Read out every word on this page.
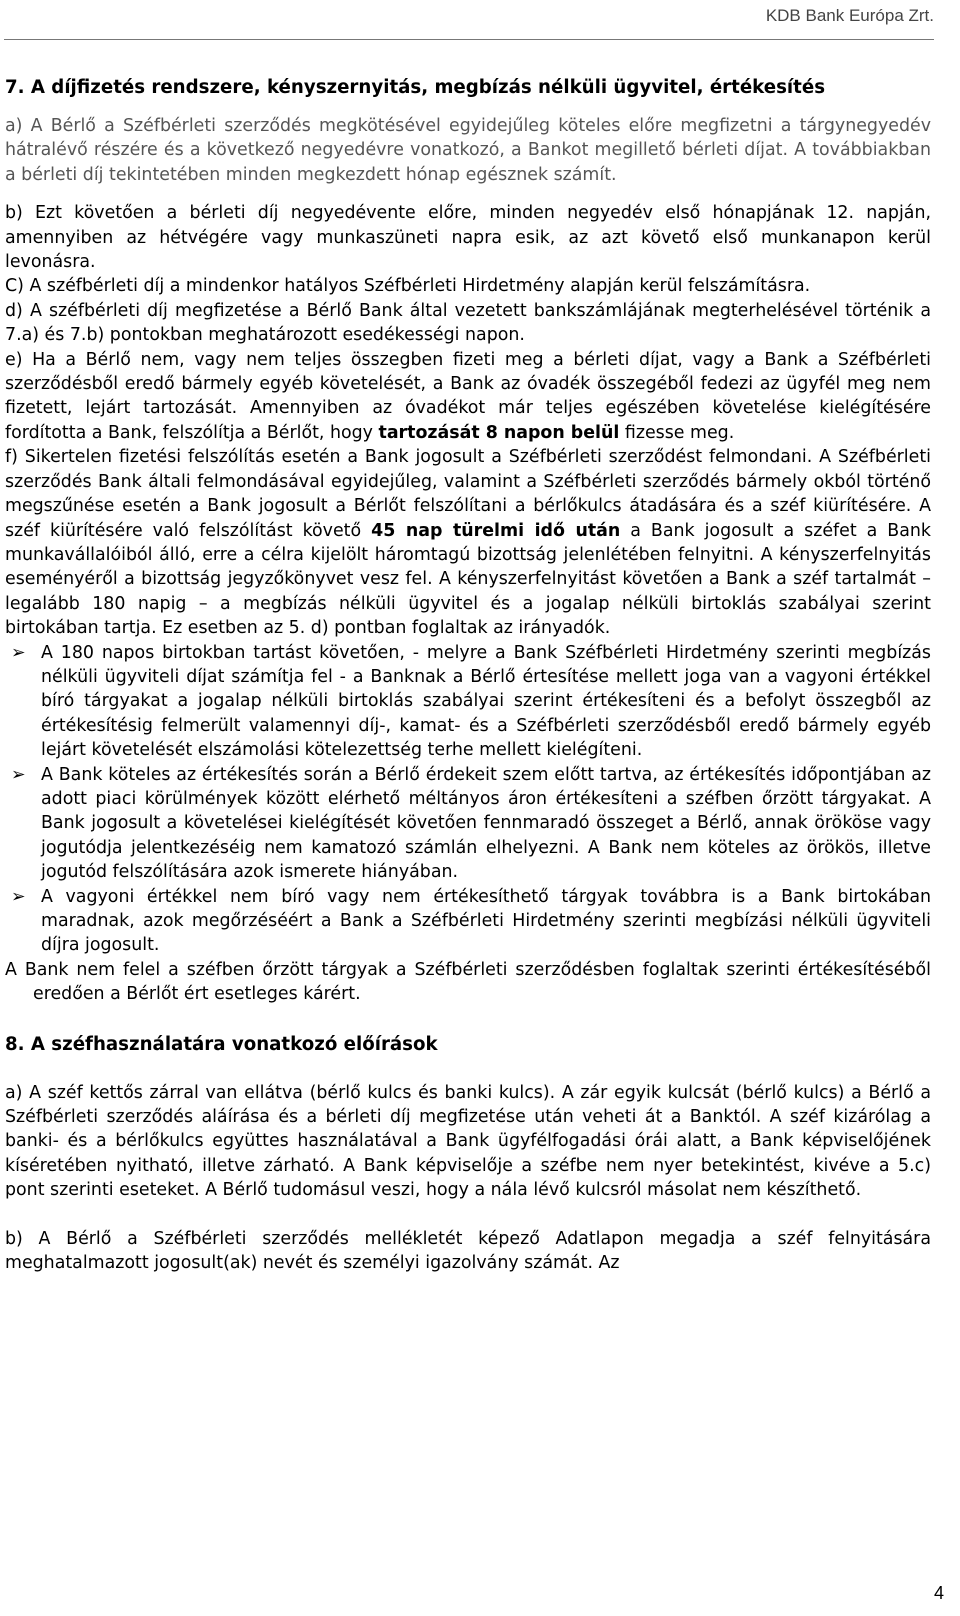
KDB Bank Európa Zrt.
7. A díjfizetés rendszere, kényszernyitás, megbízás nélküli ügyvitel, értékesítés

a) A Bérlő a Széfbérleti szerződés megkötésével egyidejűleg köteles előre megfizetni a tárgynegyedév hátralévő részére és a következő negyedévre vonatkozó, a Bankot megillető bérleti díjat. A továbbiakban a bérleti díj tekintetében minden megkezdett hónap egésznek számít.

b) Ezt követően a bérleti díj negyedévente előre, minden negyedév első hónapjának 12. napján, amennyiben az hétvégére vagy munkaszüneti napra esik, az azt követő első munkanapon kerül levonásra.

C) A széfbérleti díj a mindenkor hatályos Széfbérleti Hirdetmény alapján kerül felszámításra.

d) A széfbérleti díj megfizetése a Bérlő Bank által vezetett bankszámlájának megterhelésével történik a 7.a) és 7.b) pontokban meghatározott esedékességi napon.

e) Ha a Bérlő nem, vagy nem teljes összegben fizeti meg a bérleti díjat, vagy a Bank a Széfbérleti szerződésből eredő bármely egyéb követelését, a Bank az óvadék összegéből fedezi az ügyfél meg nem fizetett, lejárt tartozását. Amennyiben az óvadékot már teljes egészében követelése kielégítésére fordította a Bank, felszólítja a Bérlőt, hogy tartozását 8 napon belül fizesse meg.

f) Sikertelen fizetési felszólítás esetén a Bank jogosult a Széfbérleti szerződést felmondani. A Széfbérleti szerződés Bank általi felmondásával egyidejűleg, valamint a Széfbérleti szerződés bármely okból történő megszűnése esetén a Bank jogosult a Bérlőt felszólítani a bérlőkulcs átadására és a széf kiürítésére. A széf kiürítésére való felszólítást követő 45 nap türelmi idő után a Bank jogosult a széfet a Bank munkavállalóiból álló, erre a célra kijelölt háromtagú bizottság jelenlétében felnyitni. A kényszerfelnyitás eseményéről a bizottság jegyzőkönyvet vesz fel. A kényszerfelnyitást követően a Bank a széf tartalmát – legalább 180 napig – a megbízás nélküli ügyvitel és a jogalap nélküli birtoklás szabályai szerint birtokában tartja. Ez esetben az 5. d) pontban foglaltak az irányadók.

➢ A 180 napos birtokban tartást követően, - melyre a Bank Széfbérleti Hirdetmény szerinti megbízás nélküli ügyviteli díjat számítja fel - a Banknak a Bérlő értesítése mellett joga van a vagyoni értékkel bíró tárgyakat a jogalap nélküli birtoklás szabályai szerint értékesíteni és a befolyt összegből az értékesítésig felmerült valamennyi díj-, kamat- és a Széfbérleti szerződésből eredő bármely egyéb lejárt követelését elszámolási kötelezettség terhe mellett kielégíteni.

➢ A Bank köteles az értékesítés során a Bérlő érdekeit szem előtt tartva, az értékesítés időpontjában az adott piaci körülmények között elérhető méltányos áron értékesíteni a széfben őrzött tárgyakat. A Bank jogosult a követelései kielégítését követően fennmaradó összeget a Bérlő, annak örököse vagy jogutódja jelentkezéséig nem kamatozó számlán elhelyezni. A Bank nem köteles az örökös, illetve jogutód felszólítására azok ismerete hiányában.

➢ A vagyoni értékkel nem bíró vagy nem értékesíthető tárgyak továbbra is a Bank birtokában maradnak, azok megőrzéséért a Bank a Széfbérleti Hirdetmény szerinti megbízási nélküli ügyviteli díjra jogosult.

A Bank nem felel a széfben őrzött tárgyak a Széfbérleti szerződésben foglaltak szerinti értékesítéséből eredően a Bérlőt ért esetleges kárért.

8. A széfhasználatára vonatkozó előírások

a) A széf kettős zárral van ellátva (bérlő kulcs és banki kulcs). A zár egyik kulcsát (bérlő kulcs) a Bérlő a Széfbérleti szerződés aláírása és a bérleti díj megfizetése után veheti át a Banktól. A széf kizárólag a banki- és a bérlőkulcs együttes használatával a Bank ügyfélfogadási órái alatt, a Bank képviselőjének kíséretében nyitható, illetve zárható. A Bank képviselője a széfbe nem nyer betekintést, kivéve a 5.c) pont szerinti eseteket. A Bérlő tudomásul veszi, hogy a nála lévő kulcsról másolat nem készíthető.

b) A Bérlő a Széfbérleti szerződés mellékletét képező Adatlapon megadja a széf felnyitására meghatalmazott jogosult(ak) nevét és személyi igazolvány számát. Az

4
